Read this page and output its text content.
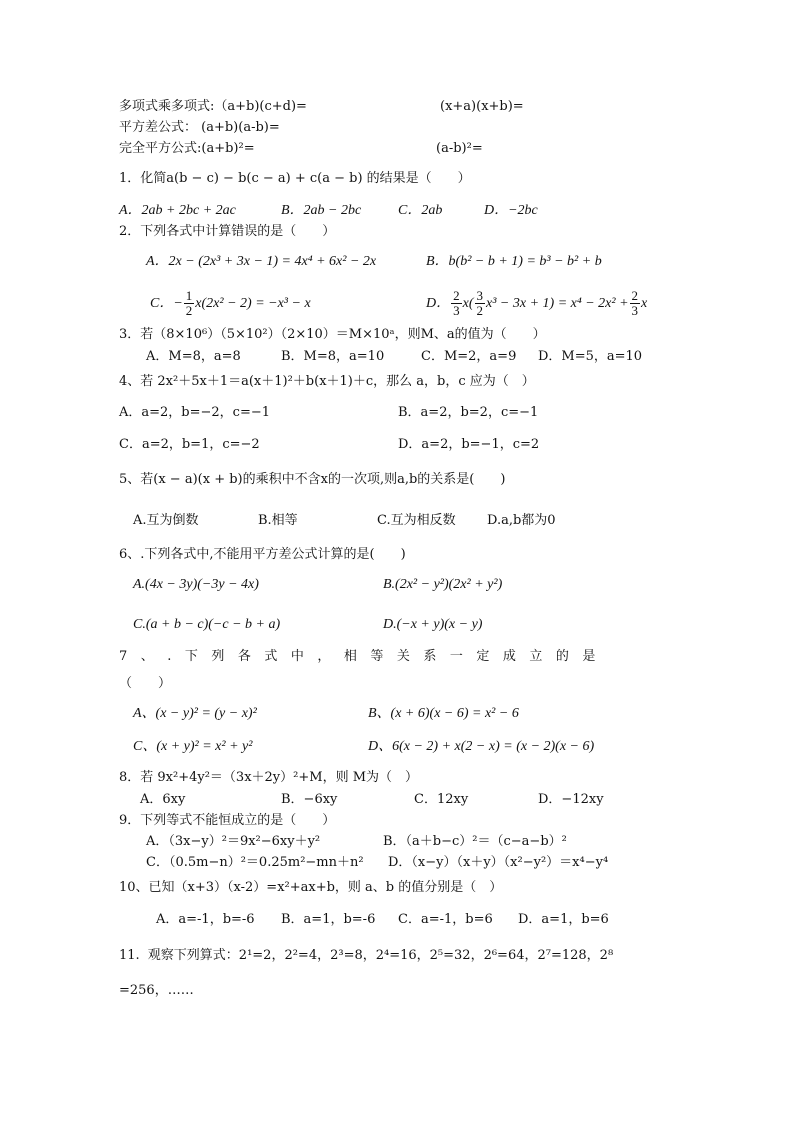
多项式乘多项式:（a+b)(c+d)=	(x+a)(x+b)=
平方差公式： (a+b)(a-b)=
完全平方公式:(a+b)²=	(a-b)²=
1．化简a(b − c) − b(c − a) + c(a − b) 的结果是（　　）
A．2ab + 2bc + 2ac	B．2ab − 2bc	C．2ab	D．−2bc
2．下列各式中计算错误的是（　　）
A．2x − (2x³ + 3x − 1) = 4x⁴ + 6x² − 2x	B．b(b² − b + 1) = b³ − b² + b
C．− $\frac{1}{2} x(2x^2 - 2) = -x^3 - x$	D． $\frac{2}{3} x( \frac{3}{2} x^3 - 3x + 1) = x^4 - 2x^2 + \frac{2}{3}$ x
3．若（8×10⁶）（5×10²）（2×10）＝M×10ᵃ，则M、a的值为（　　）
A．M=8，a=8	B．M=8，a=10	C．M=2，a=9 D．M=5，a=10
4、若 2x²＋5x＋1＝a(x＋1)²＋b(x＋1)＋c，那么 a，b，c 应为（　）
A．a=2，b=−2，c=−1	B．a=2，b=2，c=−1
C．a=2，b=1，c=−2	D．a=2，b=−1，c=2
5、若(x − a)(x + b)的乘积中不含x的一次项,则a,b的关系是(　　)
A.互为倒数	B.相等	C.互为相反数 D.a,b都为0
6、.下列各式中,不能用平方差公式计算的是(　　)
A.(4x − 3y)(−3y − 4x)	B.(2x² − y²)(2x² + y²)
C.(a + b − c)(−c − b + a)	D.(−x + y)(x − y)
7、.下列各式中，相等关系一定成立的是
（　　）
A、(x − y)² = (y − x)²	B、(x + 6)(x − 6) = x² − 6
C、(x + y)² = x² + y²	D、6(x − 2) + x(2 − x) = (x − 2)(x − 6)
8．若 9x²+4y²＝（3x＋2y）²+M，则 M为（　）
A．6xy	B．−6xy	C．12xy	D．−12xy
9．下列等式不能恒成立的是（　　）
A．（3x−y）²＝9x²−6xy＋y²	B．（a＋b−c）²＝（c−a−b）²
C．（0.5m−n）²＝0.25m²−mn＋n² D．（x−y）（x＋y）（x²−y²）＝x⁴−y⁴
10、已知（x+3）（x-2）=x²+ax+b，则 a、b 的值分别是（　）
A．a=-1，b=-6 B．a=1，b=-6 C．a=-1，b=6 D．a=1，b=6
11. 观察下列算式：2¹=2，2²=4，2³=8，2⁴=16，2⁵=32，2⁶=64，2⁷=128，2⁸
=256，……
